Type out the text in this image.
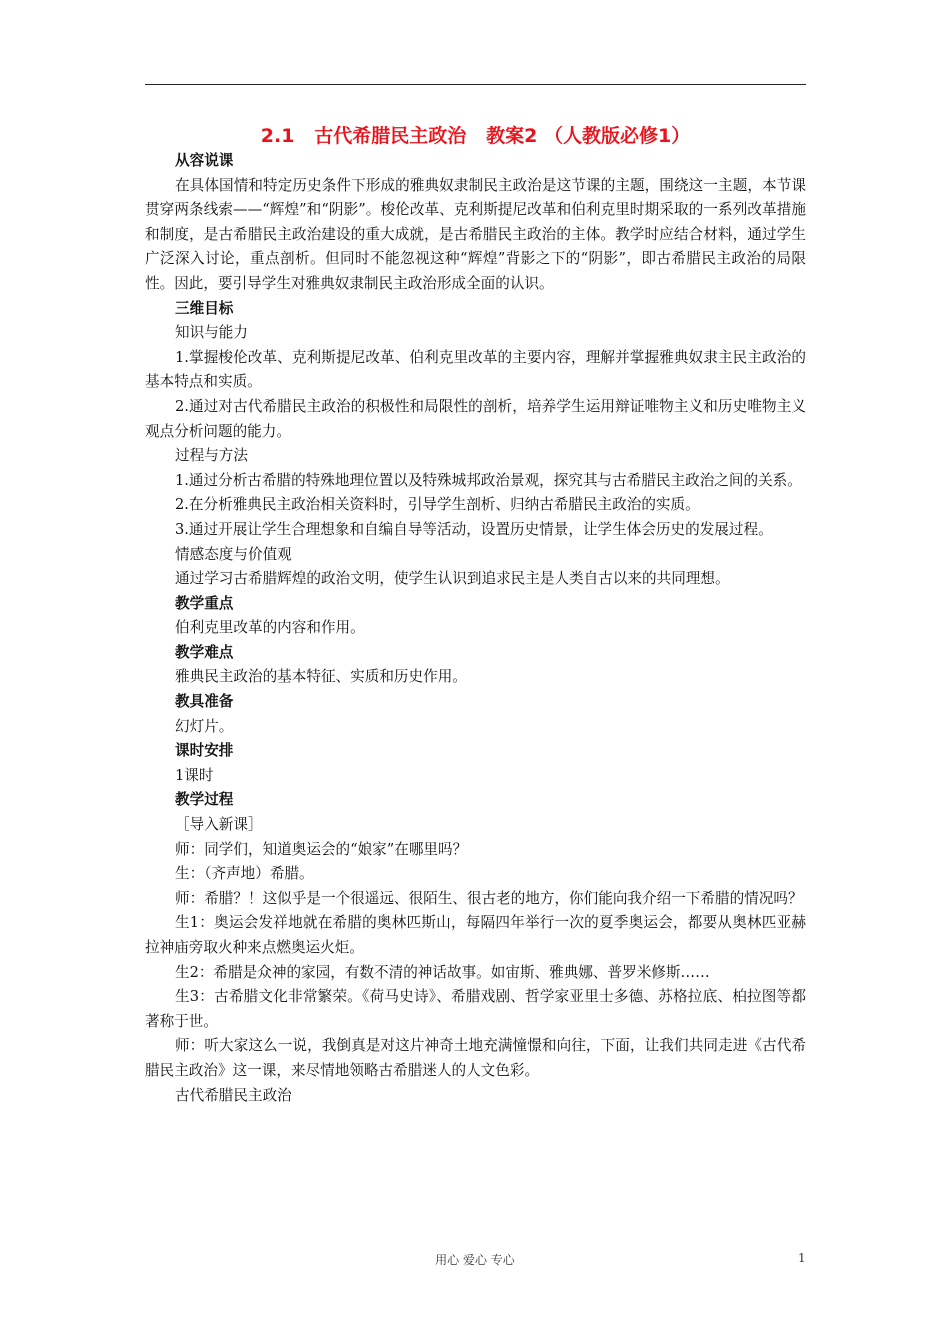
2.1   古代希腊民主政治   教案2 （人教版必修1）
从容说课
在具体国情和特定历史条件下形成的雅典奴隶制民主政治是这节课的主题，围绕这一主题，本节课贯穿两条线索——“辉煌”和“阴影”。梭伦改革、克利斯提尼改革和伯利克里时期采取的一系列改革措施和制度，是古希腊民主政治建设的重大成就，是古希腊民主政治的主体。教学时应结合材料，通过学生广泛深入讨论，重点剖析。但同时不能忽视这种“辉煌”背影之下的“阴影”，即古希腊民主政治的局限性。因此，要引导学生对雅典奴隶制民主政治形成全面的认识。
三维目标
知识与能力
1.掌握梭伦改革、克利斯提尼改革、伯利克里改革的主要内容，理解并掌握雅典奴隶主民主政治的基本特点和实质。
2.通过对古代希腊民主政治的积极性和局限性的剖析，培养学生运用辩证唯物主义和历史唯物主义观点分析问题的能力。
过程与方法
1.通过分析古希腊的特殊地理位置以及特殊城邦政治景观，探究其与古希腊民主政治之间的关系。
2.在分析雅典民主政治相关资料时，引导学生剖析、归纳古希腊民主政治的实质。
3.通过开展让学生合理想象和自编自导等活动，设置历史情景，让学生体会历史的发展过程。
情感态度与价值观
通过学习古希腊辉煌的政治文明，使学生认识到追求民主是人类自古以来的共同理想。
教学重点
伯利克里改革的内容和作用。
教学难点
雅典民主政治的基本特征、实质和历史作用。
教具准备
幻灯片。
课时安排
1课时
教学过程
［导入新课］
师：同学们，知道奥运会的“娘家”在哪里吗？
生：（齐声地）希腊。
师：希腊？！这似乎是一个很遥远、很陌生、很古老的地方，你们能向我介绍一下希腊的情况吗？
生1：奥运会发祥地就在希腊的奥林匹斯山，每隔四年举行一次的夏季奥运会，都要从奥林匹亚赫拉神庙旁取火种来点燃奥运火炬。
生2：希腊是众神的家园，有数不清的神话故事。如宙斯、雅典娜、普罗米修斯……
生3：古希腊文化非常繁荣。《荷马史诗》、希腊戏剧、哲学家亚里士多德、苏格拉底、柏拉图等都著称于世。
师：听大家这么一说，我倒真是对这片神奇土地充满憧憬和向往，下面，让我们共同走进《古代希腊民主政治》这一课，来尽情地领略古希腊迷人的人文色彩。
古代希腊民主政治
用心 爱心 专心	1
